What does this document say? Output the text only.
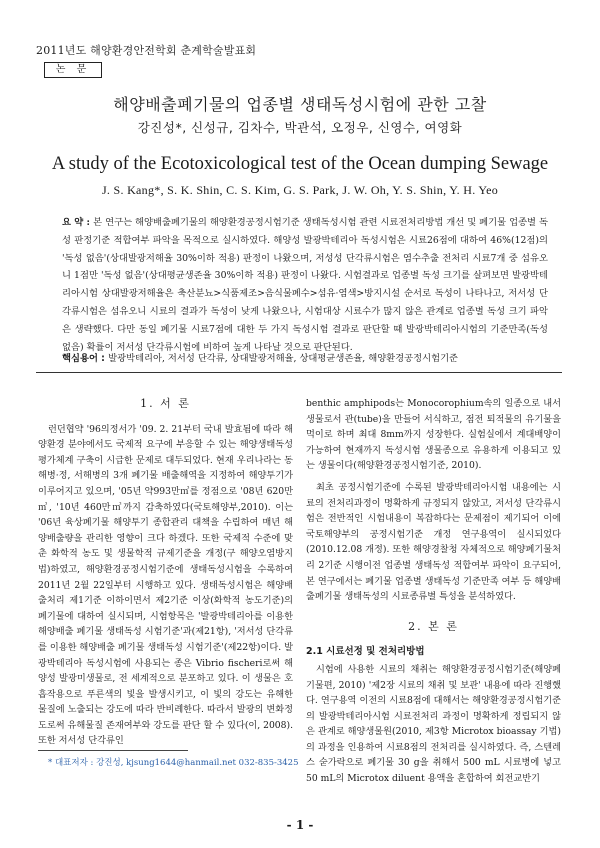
2011년도 해양환경안전학회 춘계학술발표회
논 문
해양배출폐기물의 업종별 생태독성시험에 관한 고찰
강진성*, 신성규, 김차수, 박관석, 오정우, 신영수, 여영화
A study of the Ecotoxicological test of the Ocean dumping Sewage
J. S. Kang*, S. K. Shin, C. S. Kim, G. S. Park, J. W. Oh, Y. S. Shin, Y. H. Yeo
요 약 : 본 연구는 해양배출폐기물의 해양환경공정시험기준 생태독성시험 관련 시료전처리방법 개선 및 폐기물 업종별 독성 판정기준 적합여부 파악을 목적으로 실시하였다. 해양성 발광박테리아 독성시험은 시료26점에 대하여 46%(12점)의 '독성 없음'(상대발광저해율 30%이하 적용) 판정이 나왔으며, 저성성 단각류시험은 염수추출 전처리 시료7개 중 섬유오니 1점만 '독성 없음'(상대평균생존율 30%이하 적용) 판정이 나왔다. 시험결과로 업종별 독성 크기를 살펴보면 발광박테리아시험 상대발광저해율은 축산분뇨>식품제조>음식물폐수>섬유·염색>방지시설 순서로 독성이 나타나고, 저서성 단각류시험은 섬유오니 시료의 결과가 독성이 낮게 나왔으나, 시험대상 시료수가 많지 않은 관계로 업종별 독성 크기 파악은 생략했다. 다만 동일 폐기물 시료7점에 대한 두 가지 독성시험 결과로 판단할 때 발광박테리아시험의 기준만족(독성 없음) 확률이 저서성 단각류시험에 비하여 높게 나타날 것으로 판단된다.
핵심용어 : 발광박테리아, 저서성 단각류, 상대발광저해율, 상대평균생존율, 해양환경공정시험기준
1. 서 론

런던협약 '96의정서가 '09. 2. 21부터 국내 발효됨에 따라 해양환경 분야에서도 국제적 요구에 부응할 수 있는 해양생태독성 평가체계 구축이 시급한 문제로 대두되었다. 현재 우리나라는 동해병·정, 서해병의 3개 폐기물 배출해역을 지정하여 해양투기가 이루어지고 있으며, '05년 약993만㎥를 정점으로 '08년 620만㎥, '10년 460만㎥까지 감축하였다(국토해양부,2010). 이는 '06년 육상폐기물 해양투기 종합관리 대책을 수립하여 매년 해양배출량을 관리한 영향이 크다 하겠다. 또한 국제적 수준에 맞춘 화학적 농도 및 생물학적 규제기준을 개정(구 해양오염방지법)하였고, 해양환경공정시험기준에 생태독성시험을 수록하여 2011년 2월 22일부터 시행하고 있다. 생태독성시험은 해양배출처리 제1기준 이하이면서 제2기준 이상(화학적 농도기준)의 폐기물에 대하여 실시되며, 시험항목은 '발광박테리아를 이용한 해양배출 폐기물 생태독성 시험기준'과(제21항), '저서성 단각류를 이용한 해양배출 폐기물 생태독성 시험기준'(제22항)이다. 발광박테리아 독성시험에 사용되는 종은 Vibrio fischeri로써 해양성 발광미생물로, 전 세계적으로 분포하고 있다. 이 생물은 호흡작용으로 푸른색의 빛을 발생시키고, 이 빛의 강도는 유해한 물질에 노출되는 강도에 따라 반비례한다. 따라서 발광의 변화정도로써 유해물질 존재여부와 강도를 판단 할 수 있다(이, 2008). 또한 저서성 단각류인

benthic amphipods는 Monocorophium속의 일종으로 내서생물로서 관(tube)을 만들어 서식하고, 점전 퇴적물의 유기물을 먹이로 하며 최대 8mm까지 성장한다. 실험실에서 계대배양이 가능하여 현재까지 독성시험 생물종으로 유용하게 이용되고 있는 생물이다(해양환경공정시험기준, 2010).

최초 공정시험기준에 수록된 발광박테리아시험 내용에는 시료의 전처리과정이 명확하게 규정되지 않았고, 저서성 단각류시험은 전반적인 시험내용이 복잡하다는 문제점이 제기되어 이에 국토해양부의 공정시험기준 개정 연구용역이 실시되었다(2010.12.08 개정). 또한 해양경찰청 자체적으로 해양폐기물처리 2기준 시행이전 업종별 생태독성 적합여부 파악이 요구되어, 본 연구에서는 폐기물 업종별 생태독성 기준만족 여부 등 해양배출폐기물 생태독성의 시료종류별 특성을 분석하였다.

2. 본 론
2.1 시료선정 및 전처리방법

시험에 사용한 시료의 채취는 해양환경공정시험기준(해양폐기물편, 2010) '제2장 시료의 채취 및 보관' 내용에 따라 진행했다. 연구용역 이전의 시료8점에 대해서는 해양환경공정시험기준의 발광박테리아시험 시료전처리 과정이 명확하게 정립되지 않은 관계로 해양생물원(2010, 제3항 Microtox bioassay 기법)의 과정을 인용하여 시료8점의 전처리를 실시하였다. 즉, 스텐레스 숟가락으로 폐기물 30 g을 취해서 500 mL 시료병에 넣고 50 mL의 Microtox diluent 용액을 혼합하여 회전교반기

* 대표저자 : 강진성, kjsung1644@hanmail.net 032-835-3425
- 1 -
